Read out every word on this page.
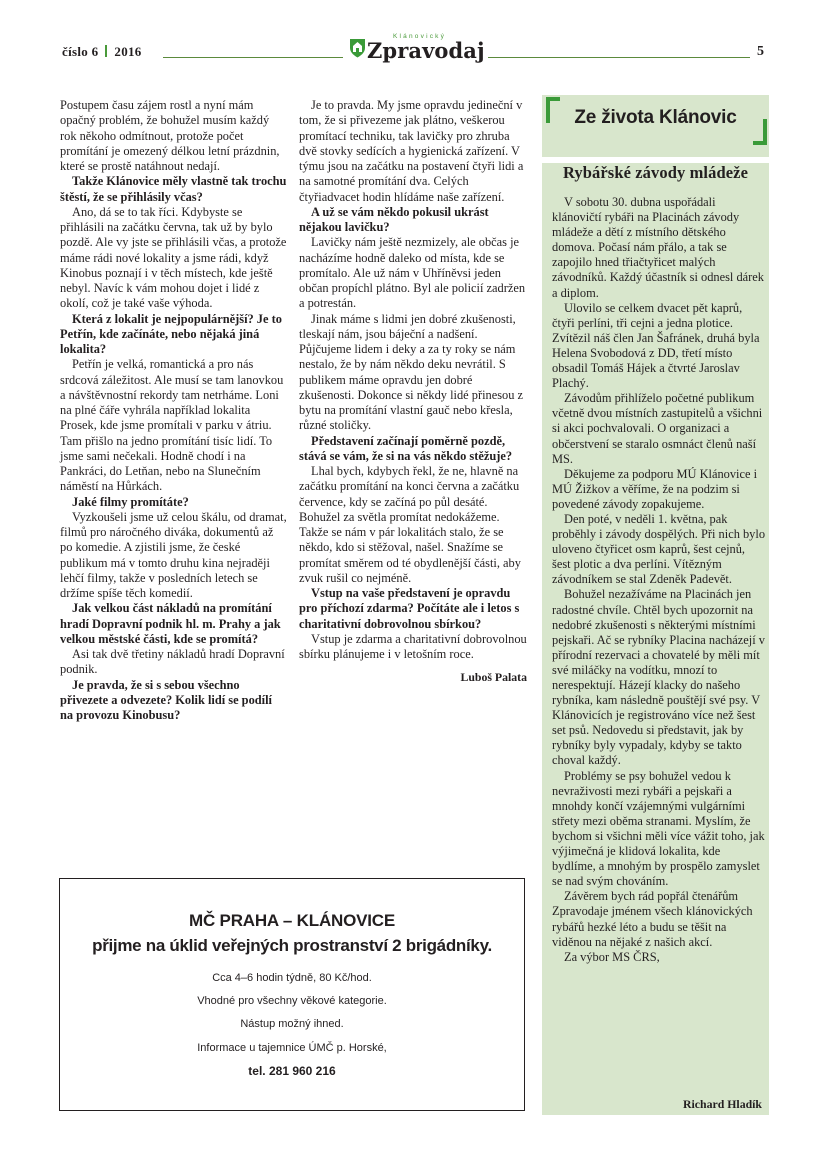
číslo 6 2016
Klánovický
Zpravodaj	5

Postupem času zájem rostl a nyní mám opačný problém, že bohužel musím každý rok někoho odmítnout, protože počet promítání je omezený délkou letní prázdnin, které se prostě natáhnout nedají.

Takže Klánovice měly vlastně tak trochu štěstí, že se přihlásily včas?

Ano, dá se to tak říci. Kdybyste se přihlásili na začátku června, tak už by bylo pozdě. Ale vy jste se přihlásili včas, a protože máme rádi nové lokality a jsme rádi, když Kinobus poznají i v těch místech, kde ještě nebyl. Navíc k vám mohou dojet i lidé z okolí, což je také vaše výhoda.

Která z lokalit je nejpopulárnější? Je to Petřín, kde začínáte, nebo nějaká jiná lokalita?

Petřín je velká, romantická a pro nás srdcová záležitost. Ale musí se tam lanovkou a návštěvnostní rekordy tam netrháme. Loni na plné čáře vyhrála například lokalita Prosek, kde jsme promítali v parku v átriu. Tam přišlo na jedno promítání tisíc lidí. To jsme sami nečekali. Hodně chodí i na Pankráci, do Letňan, nebo na Slunečním náměstí na Hůrkách.

Jaké filmy promítáte?

Vyzkoušeli jsme už celou škálu, od dramat, filmů pro náročného diváka, dokumentů až po komedie. A zjistili jsme, že české publikum má v tomto druhu kina nejraději lehčí filmy, takže v posledních letech se držíme spíše těch komedií.

Jak velkou část nákladů na promítání hradí Dopravní podnik hl. m. Prahy a jak velkou městské části, kde se promítá?

Asi tak dvě třetiny nákladů hradí Dopravní podnik.

Je pravda, že si s sebou všechno přivezete a odvezete? Kolik lidí se podílí na provozu Kinobusu?

Je to pravda. My jsme opravdu jedineční v tom, že si přivezeme jak plátno, veškerou promítací techniku, tak lavičky pro zhruba dvě stovky sedících a hygienická zařízení. V týmu jsou na začátku na postavení čtyři lidi a na samotné promítání dva. Celých čtyřiadvacet hodin hlídáme naše zařízení.

A už se vám někdo pokusil ukrást nějakou lavičku?

Lavičky nám ještě nezmizely, ale občas je nacházíme hodně daleko od místa, kde se promítalo. Ale už nám v Uhříněvsi jeden občan propíchl plátno. Byl ale policií zadržen a potrestán.

Jinak máme s lidmi jen dobré zkušenosti, tleskají nám, jsou báječní a nadšení. Půjčujeme lidem i deky a za ty roky se nám nestalo, že by nám někdo deku nevrátil. S publikem máme opravdu jen dobré zkušenosti. Dokonce si někdy lidé přinesou z bytu na promítání vlastní gauč nebo křesla, různé stoličky.

Představení začínají poměrně pozdě, stává se vám, že si na vás někdo stěžuje?

Lhal bych, kdybych řekl, že ne, hlavně na začátku promítání na konci června a začátku července, kdy se začíná po půl desáté. Bohužel za světla promítat nedokážeme. Takže se nám v pár lokalitách stalo, že se někdo, kdo si stěžoval, našel. Snažíme se promítat směrem od té obydlenější části, aby zvuk rušil co nejméně.

Vstup na vaše představení je opravdu pro příchozí zdarma? Počítáte ale i letos s charitativní dobrovolnou sbírkou?

Vstup je zdarma a charitativní dobrovolnou sbírku plánujeme i v letošním roce.

Luboš Palata
Ze života Klánovic
Rybářské závody mládeže

V sobotu 30. dubna uspořádali klánovičtí rybáři na Placinách závody mládeže a dětí z místního dětského domova. Počasí nám přálo, a tak se zapojilo hned třiačtyřicet malých závodníků. Každý účastník si odnesl dárek a diplom.

Ulovilo se celkem dvacet pět kaprů, čtyři perlíni, tři cejni a jedna plotice. Zvítězil náš člen Jan Šafránek, druhá byla Helena Svobodová z DD, třetí místo obsadil Tomáš Hájek a čtvrté Jaroslav Plachý.

Závodům přihlíželo početné publikum včetně dvou místních zastupitelů a všichni si akci pochvalovali. O organizaci a občerstvení se staralo osmnáct členů naší MS.

Děkujeme za podporu MÚ Klánovice i MÚ Žižkov a věříme, že na podzim si povedené závody zopakujeme.

Den poté, v neděli 1. května, pak proběhly i závody dospělých. Při nich bylo uloveno čtyřicet osm kaprů, šest cejnů, šest plotic a dva perlíni. Vítězným závodníkem se stal Zdeněk Padevět.

Bohužel nezažíváme na Placinách jen radostné chvíle. Chtěl bych upozornit na nedobré zkušenosti s některými místními pejskaři. Ač se rybníky Placina nacházejí v přírodní rezervaci a chovatelé by měli mít své miláčky na vodítku, mnozí to nerespektují. Házejí klacky do našeho rybníka, kam následně pouštějí své psy. V Klánovicích je registrováno více než šest set psů. Nedovedu si představit, jak by rybníky byly vypadaly, kdyby se takto choval každý.

Problémy se psy bohužel vedou k nevraživosti mezi rybáři a pejskaři a mnohdy končí vzájemnými vulgárními střety mezi oběma stranami. Myslím, že bychom si všichni měli více vážit toho, jak výjimečná je klidová lokalita, kde bydlíme, a mnohým by prospělo zamyslet se nad svým chováním.

Závěrem bych rád popřál čtenářům Zpravodaje jménem všech klánovických rybářů hezké léto a budu se těšit na viděnou na nějaké z našich akcí.

Za výbor MS ČRS,

Richard Hladík
MČ PRAHA – KLÁNOVICE
přijme na úklid veřejných prostranství 2 brigádníky.
Cca 4–6 hodin týdně, 80 Kč/hod.
Vhodné pro všechny věkové kategorie.
Nástup možný ihned.
Informace u tajemnice ÚMČ p. Horské,
tel. 281 960 216
